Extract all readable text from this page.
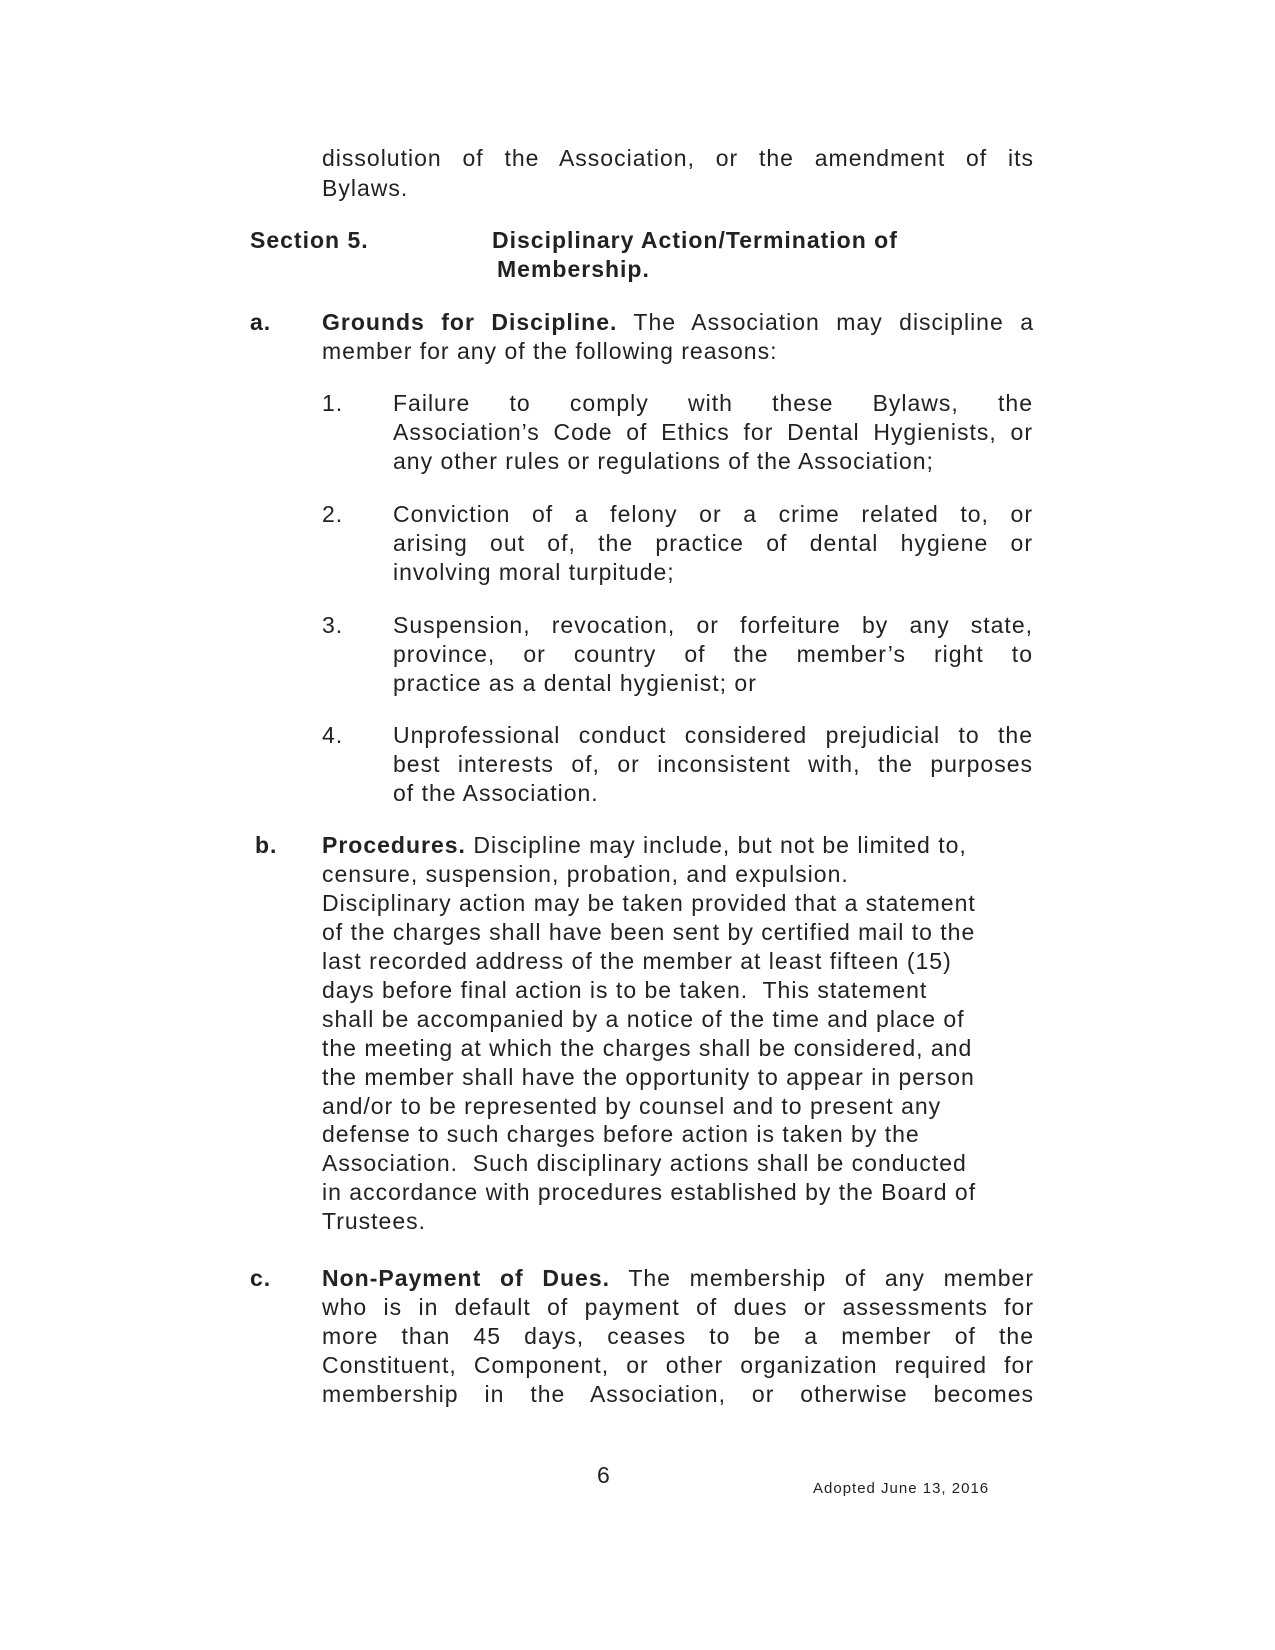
dissolution of the Association, or the amendment of its
Bylaws.
Section 5.	Disciplinary Action/Termination of
Membership.
a. Grounds for Discipline. The Association may discipline a
member for any of the following reasons:
1. Failure to comply with these Bylaws, the
Association’s Code of Ethics for Dental Hygienists, or
any other rules or regulations of the Association;
2. Conviction of a felony or a crime related to, or
arising out of, the practice of dental hygiene or
involving moral turpitude;
3. Suspension, revocation, or forfeiture by any state,
province, or country of the member’s right to
practice as a dental hygienist; or
4. Unprofessional conduct considered prejudicial to the
best interests of, or inconsistent with, the purposes
of the Association.
b. Procedures. Discipline may include, but not be limited to,
censure, suspension, probation, and expulsion.
Disciplinary action may be taken provided that a statement
of the charges shall have been sent by certified mail to the
last recorded address of the member at least fifteen (15)
days before final action is to be taken.  This statement
shall be accompanied by a notice of the time and place of
the meeting at which the charges shall be considered, and
the member shall have the opportunity to appear in person
and/or to be represented by counsel and to present any
defense to such charges before action is taken by the
Association.  Such disciplinary actions shall be conducted
in accordance with procedures established by the Board of
Trustees.
c. Non-Payment of Dues. The membership of any member
who is in default of payment of dues or assessments for
more than 45 days, ceases to be a member of the
Constituent, Component, or other organization required for
membership in the Association, or otherwise becomes
6
Adopted June 13, 2016
